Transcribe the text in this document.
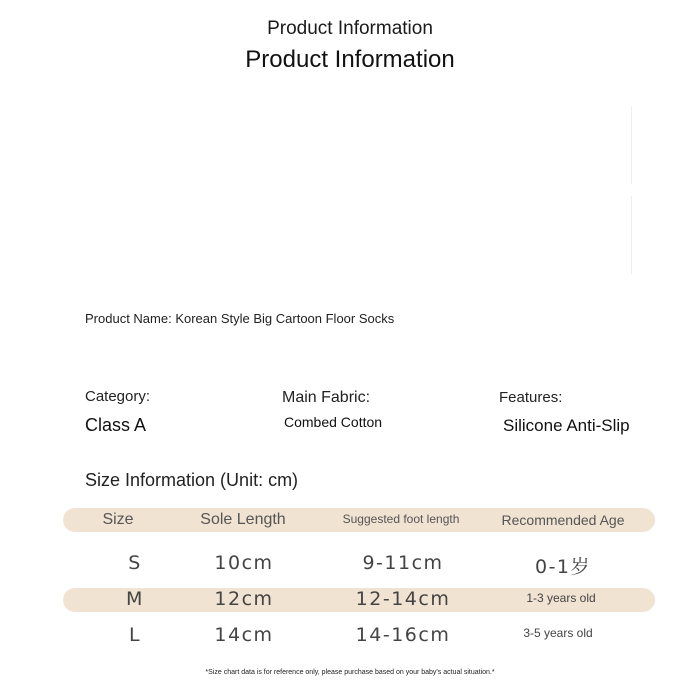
Product Information
Product Information
Product Name: Korean Style Big Cartoon Floor Socks
Category:
Class A
Main Fabric:
Combed Cotton
Features:
Silicone Anti-Slip
Size Information (Unit: cm)
Size	Sole Length	Suggested foot length	Recommended Age
S	10cm	9-11cm	0-1岁
M	12cm	12-14cm	1-3 years old
L	14cm	14-16cm	3-5 years old
*Size chart data is for reference only, please purchase based on your baby's actual situation.*
